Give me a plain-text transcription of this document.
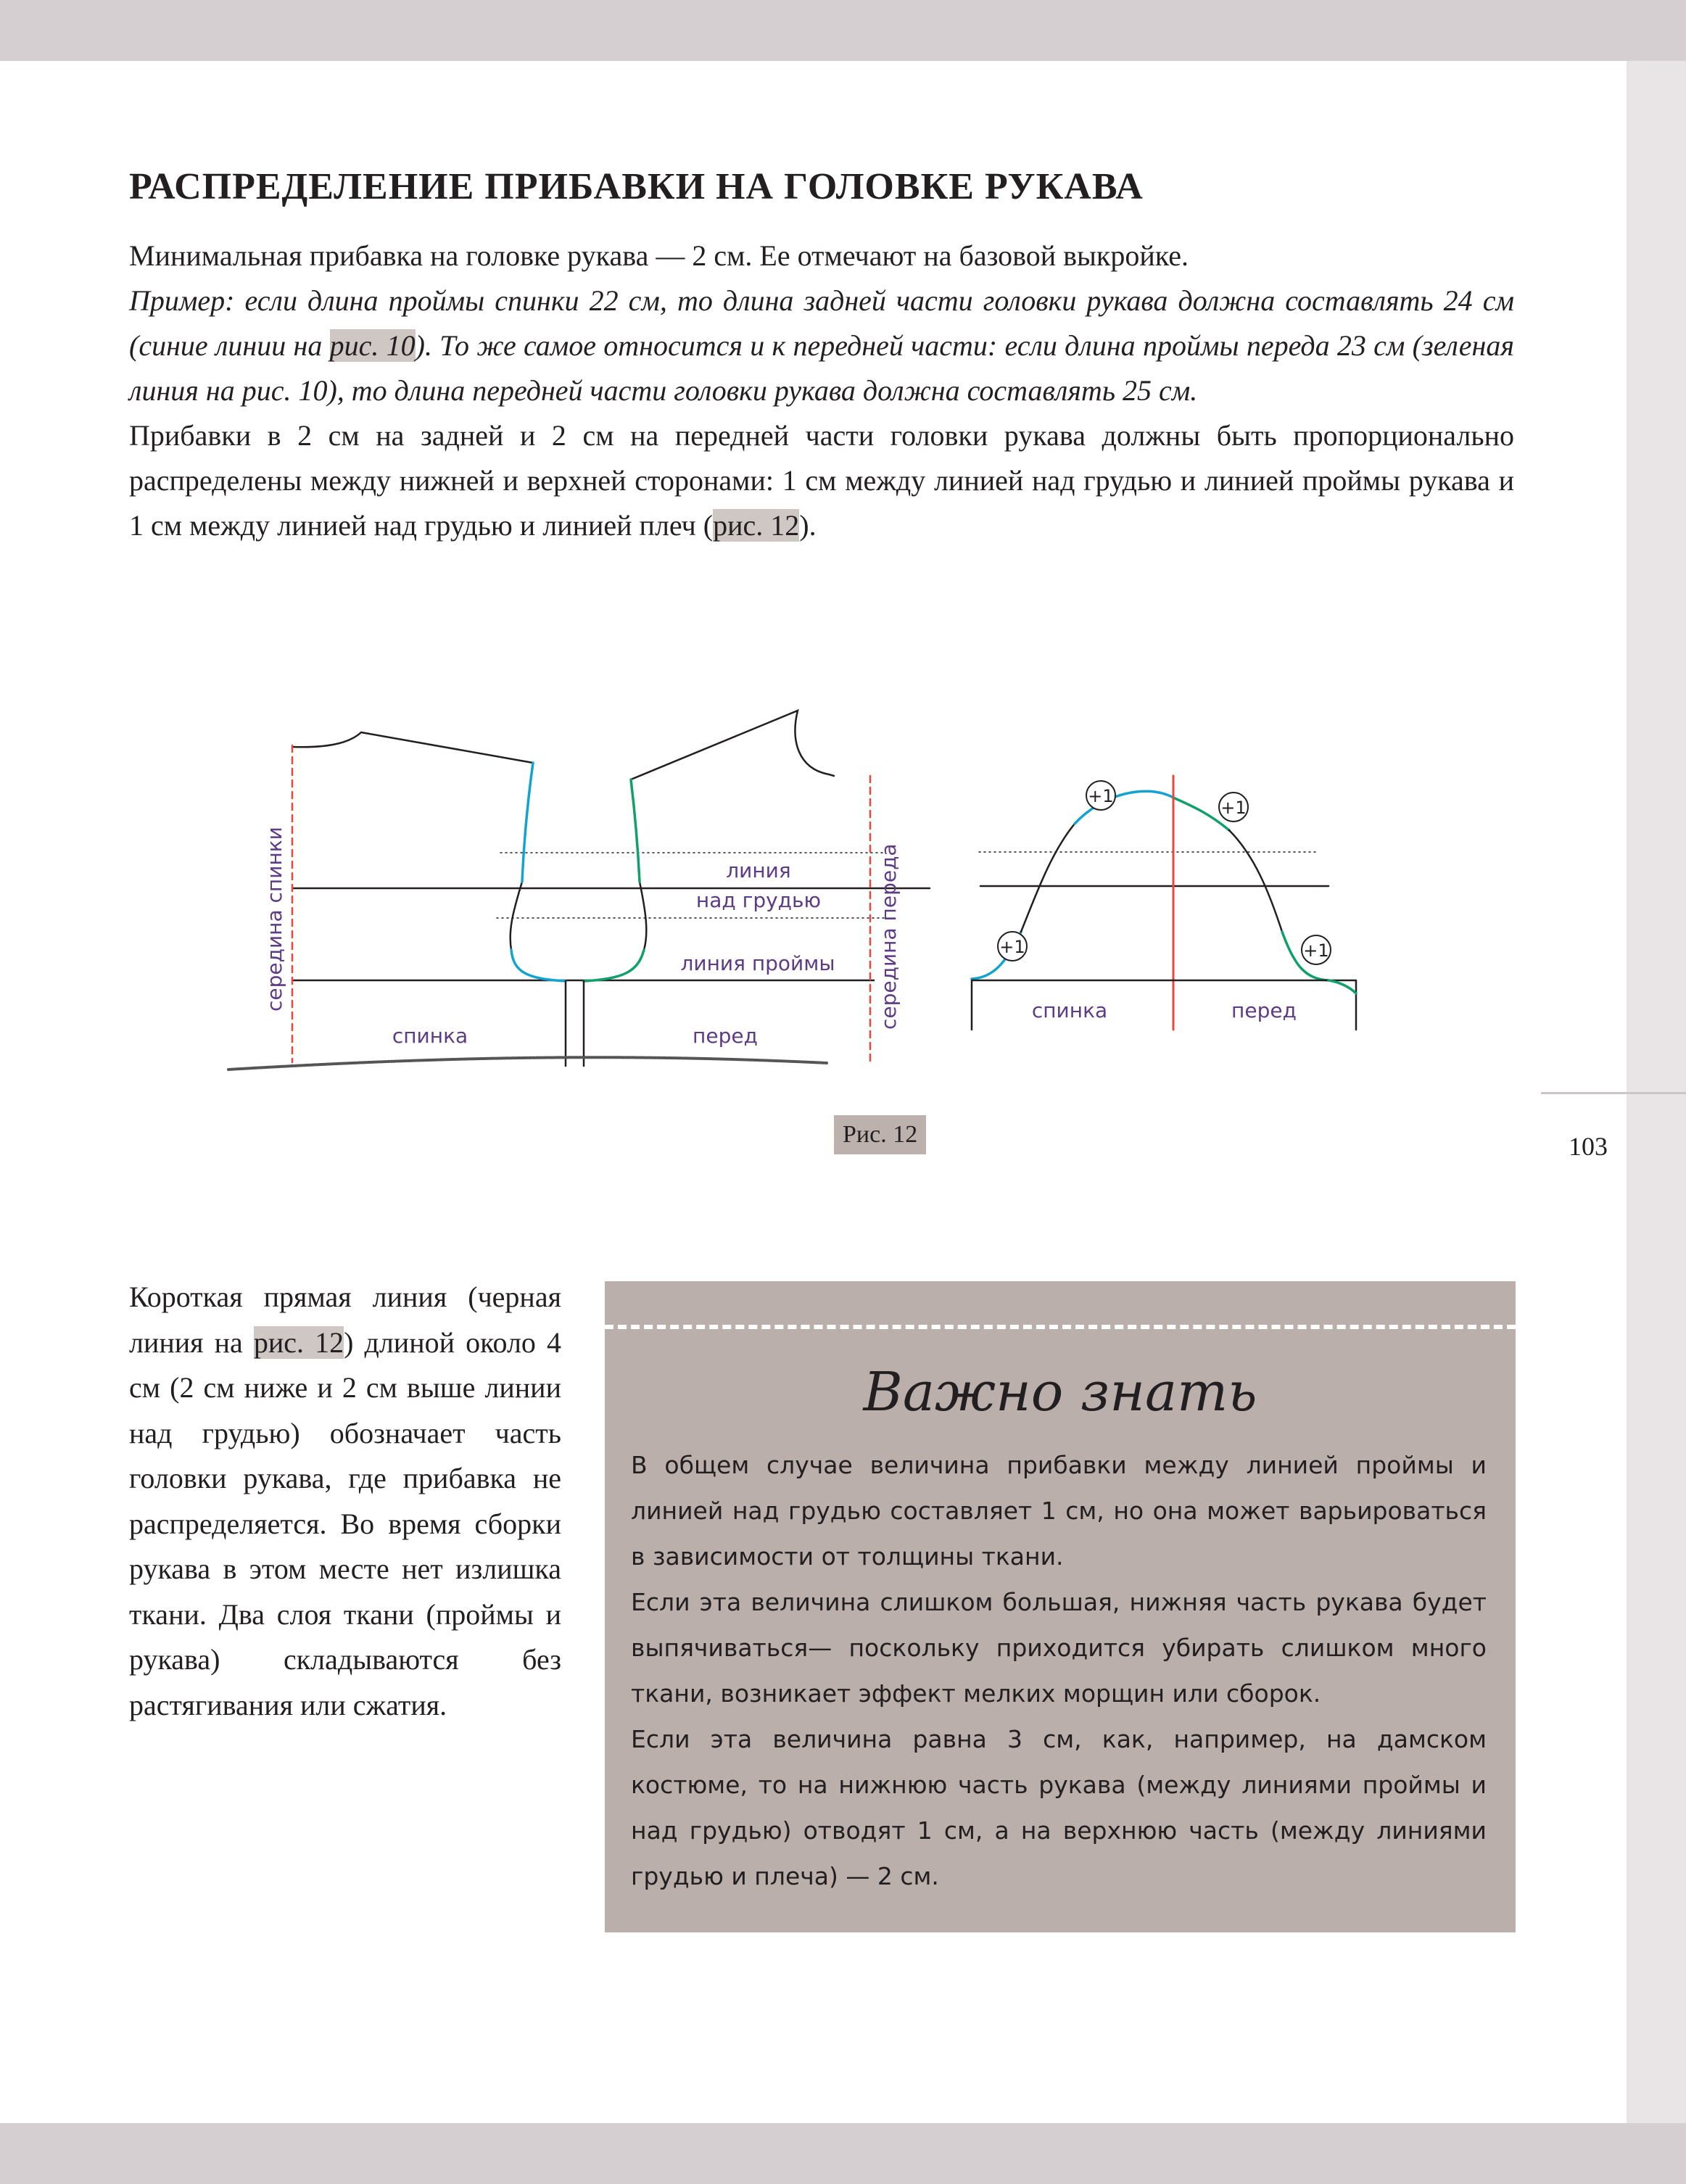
103
РАСПРЕДЕЛЕНИЕ ПРИБАВКИ НА ГОЛОВКЕ РУКАВА

Минимальная прибавка на головке рукава — 2 см. Ее отмечают на базовой выкройке.

Пример: если длина проймы спинки 22 см, то длина задней части головки рукава должна составлять 24 см (синие линии на рис. 10). То же самое относится и к передней части: если длина проймы переда 23 см (зеленая линия на рис. 10), то длина передней части головки рукава должна составлять 25 см.

Прибавки в 2 см на задней и 2 см на передней части головки рукава должны быть пропорционально распределены между нижней и верхней сторонами: 1 см между линией над грудью и линией проймы рукава и 1 см между линией над грудью и линией плеч (рис. 12).

середина спинки	середина переда
линия
над грудью
линия проймы
спинка	перед
спинка	перед
+1
+1
+1	+1
Рис. 12

Короткая прямая линия (черная линия на рис. 12) длиной около 4 см (2 см ниже и 2 см выше линии над грудью) обозначает часть головки рукава, где прибавка не распределяется. Во время сборки рукава в этом месте нет излишка ткани. Два слоя ткани (проймы и рукава) складываются без растягивания или сжатия.

Важно знать

В общем случае величина прибавки между линией проймы и линией над грудью составляет 1 см, но она может варьироваться в зависимости от толщины ткани.

Если эта величина слишком большая, нижняя часть рукава будет выпячиваться— поскольку приходится убирать слишком много ткани, возникает эффект мелких морщин или сборок.

Если эта величина равна 3 см, как, например, на дамском костюме, то на нижнюю часть рукава (между линиями проймы и над грудью) отводят 1 см, а на верхнюю часть (между линиями грудью и плеча) — 2 см.
